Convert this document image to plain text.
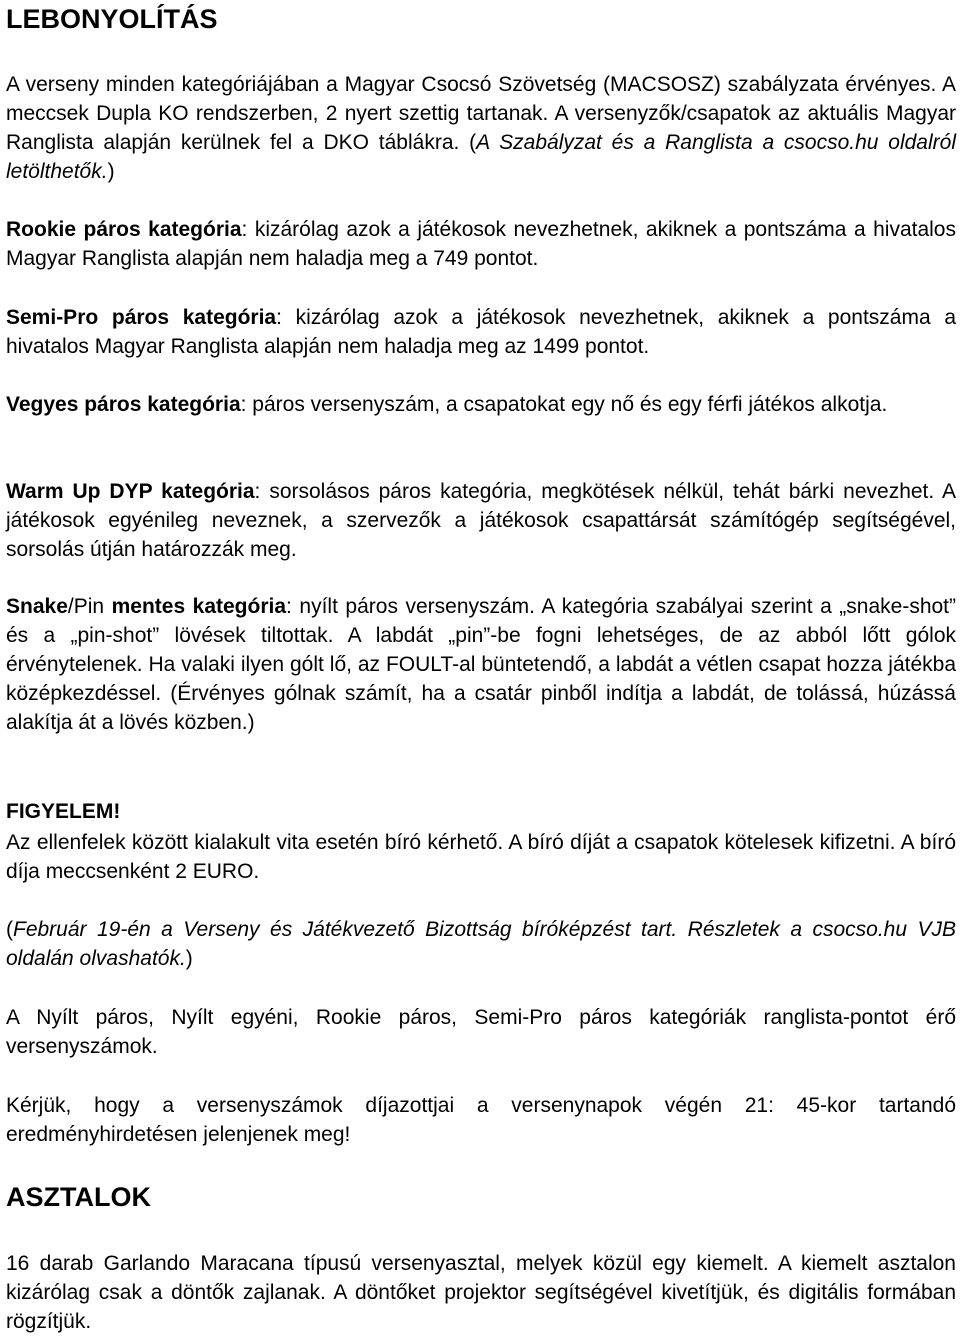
LEBONYOLÍTÁS

A verseny minden kategóriájában a Magyar Csocsó Szövetség (MACSOSZ) szabályzata érvényes. A meccsek Dupla KO rendszerben, 2 nyert szettig tartanak. A versenyzők/csapatok az aktuális Magyar Ranglista alapján kerülnek fel a DKO táblákra. (A Szabályzat és a Ranglista a csocso.hu oldalról letölthetők.)

Rookie páros kategória: kizárólag azok a játékosok nevezhetnek, akiknek a pontszáma a hivatalos Magyar Ranglista alapján nem haladja meg a 749 pontot.

Semi-Pro páros kategória: kizárólag azok a játékosok nevezhetnek, akiknek a pontszáma a hivatalos Magyar Ranglista alapján nem haladja meg az 1499 pontot.

Vegyes páros kategória: páros versenyszám, a csapatokat egy nő és egy férfi játékos alkotja.

Warm Up DYP kategória: sorsolásos páros kategória, megkötések nélkül, tehát bárki nevezhet. A játékosok egyénileg neveznek, a szervezők a játékosok csapattársát számítógép segítségével, sorsolás útján határozzák meg.

Snake/Pin mentes kategória: nyílt páros versenyszám. A kategória szabályai szerint a „snake-shot” és a „pin-shot” lövések tiltottak. A labdát „pin”-be fogni lehetséges, de az abból lőtt gólok érvénytelenek. Ha valaki ilyen gólt lő, az FOULT-al büntetendő, a labdát a vétlen csapat hozza játékba középkezdéssel. (Érvényes gólnak számít, ha a csatár pinből indítja a labdát, de tolássá, húzássá alakítja át a lövés közben.)

FIGYELEM!

Az ellenfelek között kialakult vita esetén bíró kérhető. A bíró díját a csapatok kötelesek kifizetni. A bíró díja meccsenként 2 EURO.

(Február 19-én a Verseny és Játékvezető Bizottság bíróképzést tart. Részletek a csocso.hu VJB oldalán olvashatók.)

A Nyílt páros, Nyílt egyéni, Rookie páros, Semi-Pro páros kategóriák ranglista-pontot érő versenyszámok.

Kérjük, hogy a versenyszámok díjazottjai a versenynapok végén 21: 45-kor tartandó eredményhirdetésen jelenjenek meg!

ASZTALOK

16 darab Garlando Maracana típusú versenyasztal, melyek közül egy kiemelt. A kiemelt asztalon kizárólag csak a döntők zajlanak. A döntőket projektor segítségével kivetítjük, és digitális formában rögzítjük.
